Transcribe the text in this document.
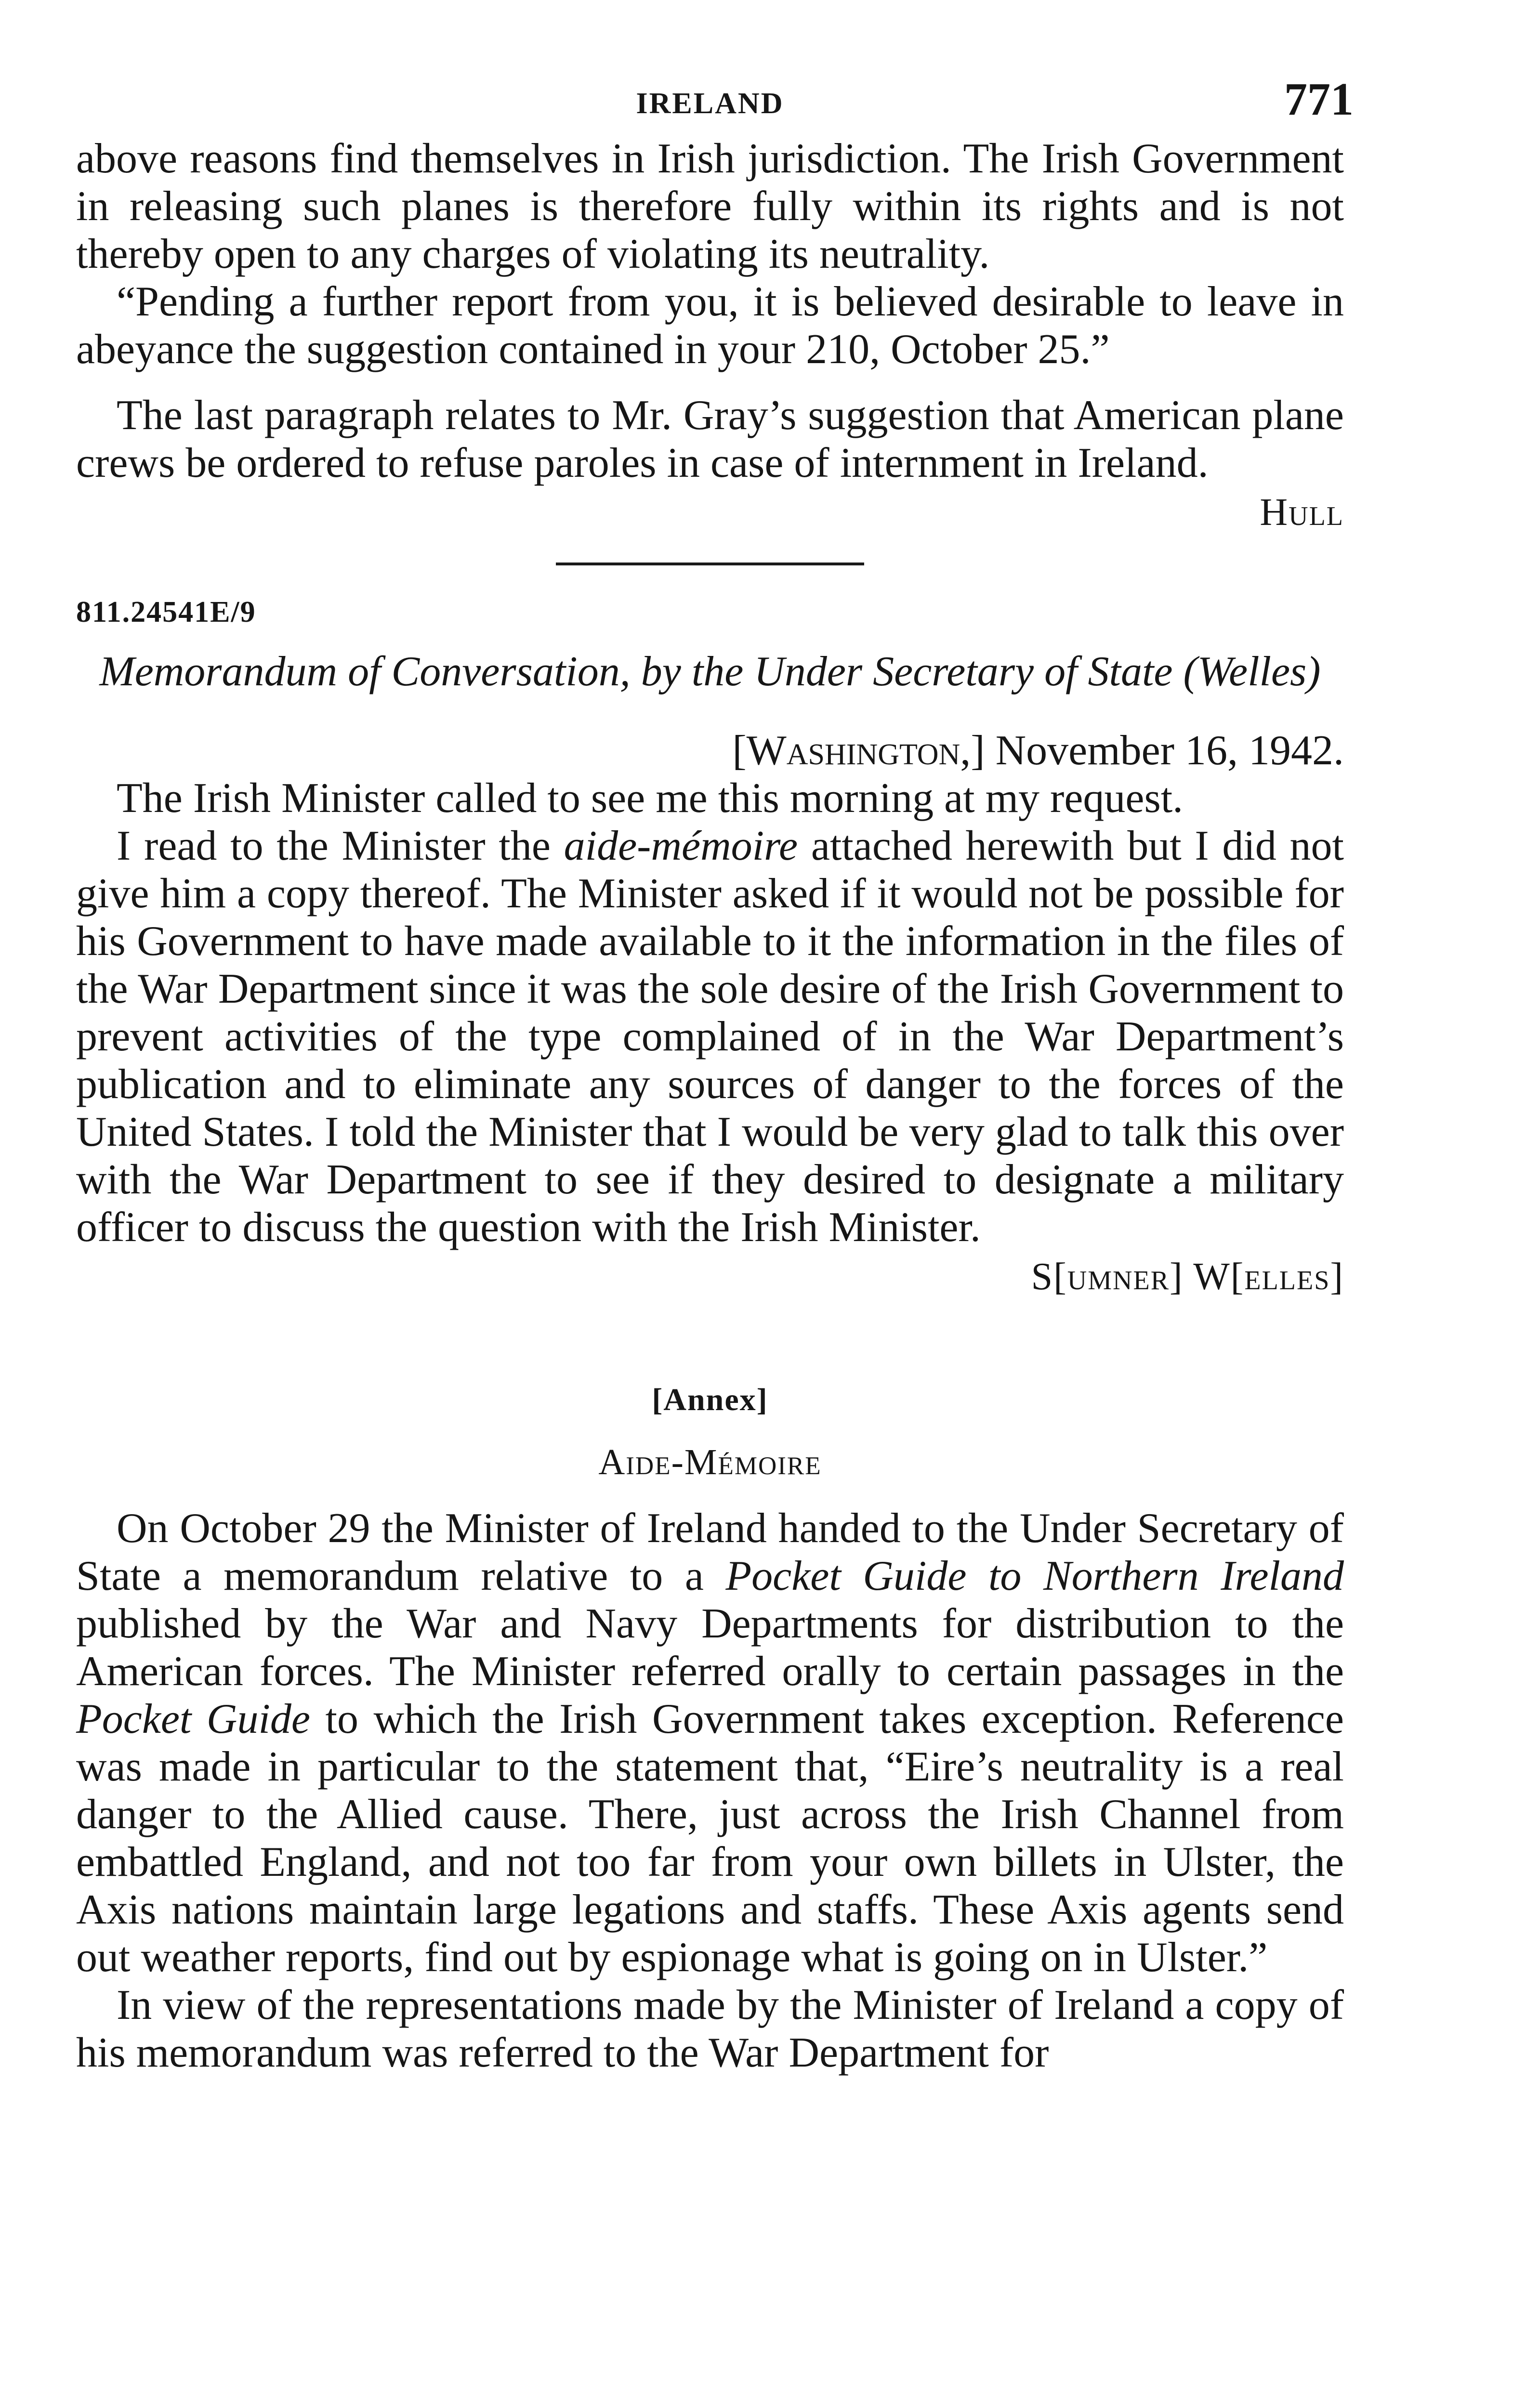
IRELAND	771

above reasons find themselves in Irish jurisdiction. The Irish Government in releasing such planes is therefore fully within its rights and is not thereby open to any charges of violating its neutrality.

“Pending a further report from you, it is believed desirable to leave in abeyance the suggestion contained in your 210, October 25.”

The last paragraph relates to Mr. Gray’s suggestion that American plane crews be ordered to refuse paroles in case of internment in Ireland.

Hull
811.24541E/9
Memorandum of Conversation, by the Under Secretary of State (Welles)
[Washington,] November 16, 1942.

The Irish Minister called to see me this morning at my request.

I read to the Minister the aide-mémoire attached herewith but I did not give him a copy thereof. The Minister asked if it would not be possible for his Government to have made available to it the information in the files of the War Department since it was the sole desire of the Irish Government to prevent activities of the type complained of in the War Department’s publication and to eliminate any sources of danger to the forces of the United States. I told the Minister that I would be very glad to talk this over with the War Department to see if they desired to designate a military officer to discuss the question with the Irish Minister.

S[umner] W[elles]
[Annex]
Aide-Mémoire

On October 29 the Minister of Ireland handed to the Under Secretary of State a memorandum relative to a Pocket Guide to Northern Ireland published by the War and Navy Departments for distribution to the American forces. The Minister referred orally to certain passages in the Pocket Guide to which the Irish Government takes exception. Reference was made in particular to the statement that, “Eire’s neutrality is a real danger to the Allied cause. There, just across the Irish Channel from embattled England, and not too far from your own billets in Ulster, the Axis nations maintain large legations and staffs. These Axis agents send out weather reports, find out by espionage what is going on in Ulster.”

In view of the representations made by the Minister of Ireland a copy of his memorandum was referred to the War Department for
